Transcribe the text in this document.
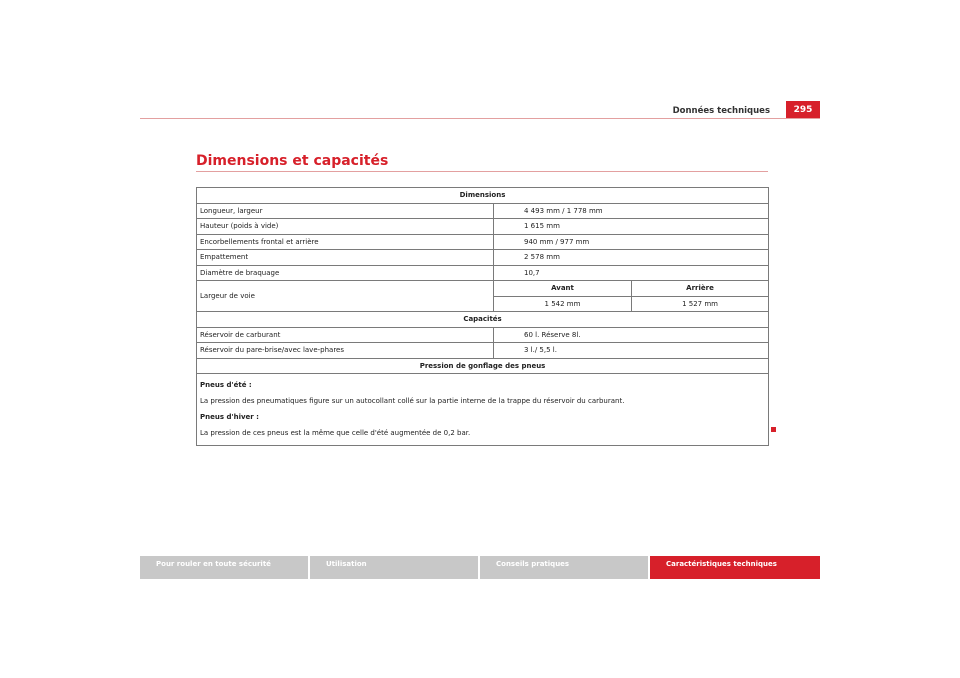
Données techniques	295
Dimensions et capacités
Dimensions		
Longueur, largeur	4 493 mm / 1 778 mm	
Hauteur (poids à vide)	1 615 mm	
Encorbellements frontal et arrière	940 mm / 977 mm	
Empattement	2 578 mm	
Diamètre de braquage	10,7	
Largeur de voie	Avant	Arrière
	1 542 mm	1 527 mm
Capacités		
Réservoir de carburant	60 l. Réserve 8l.	
Réservoir du pare-brise/avec lave-phares	3 l./ 5,5 l.	
Pression de gonflage des pneus		

Pneus d'été :
La pression des pneumatiques figure sur un autocollant collé sur la partie interne de la trappe du réservoir du carburant.
Pneus d'hiver :
La pression de ces pneus est la même que celle d'été augmentée de 0,2 bar.		
Pour rouler en toute sécurité	Utilisation	Conseils pratiques	Caractéristiques techniques
